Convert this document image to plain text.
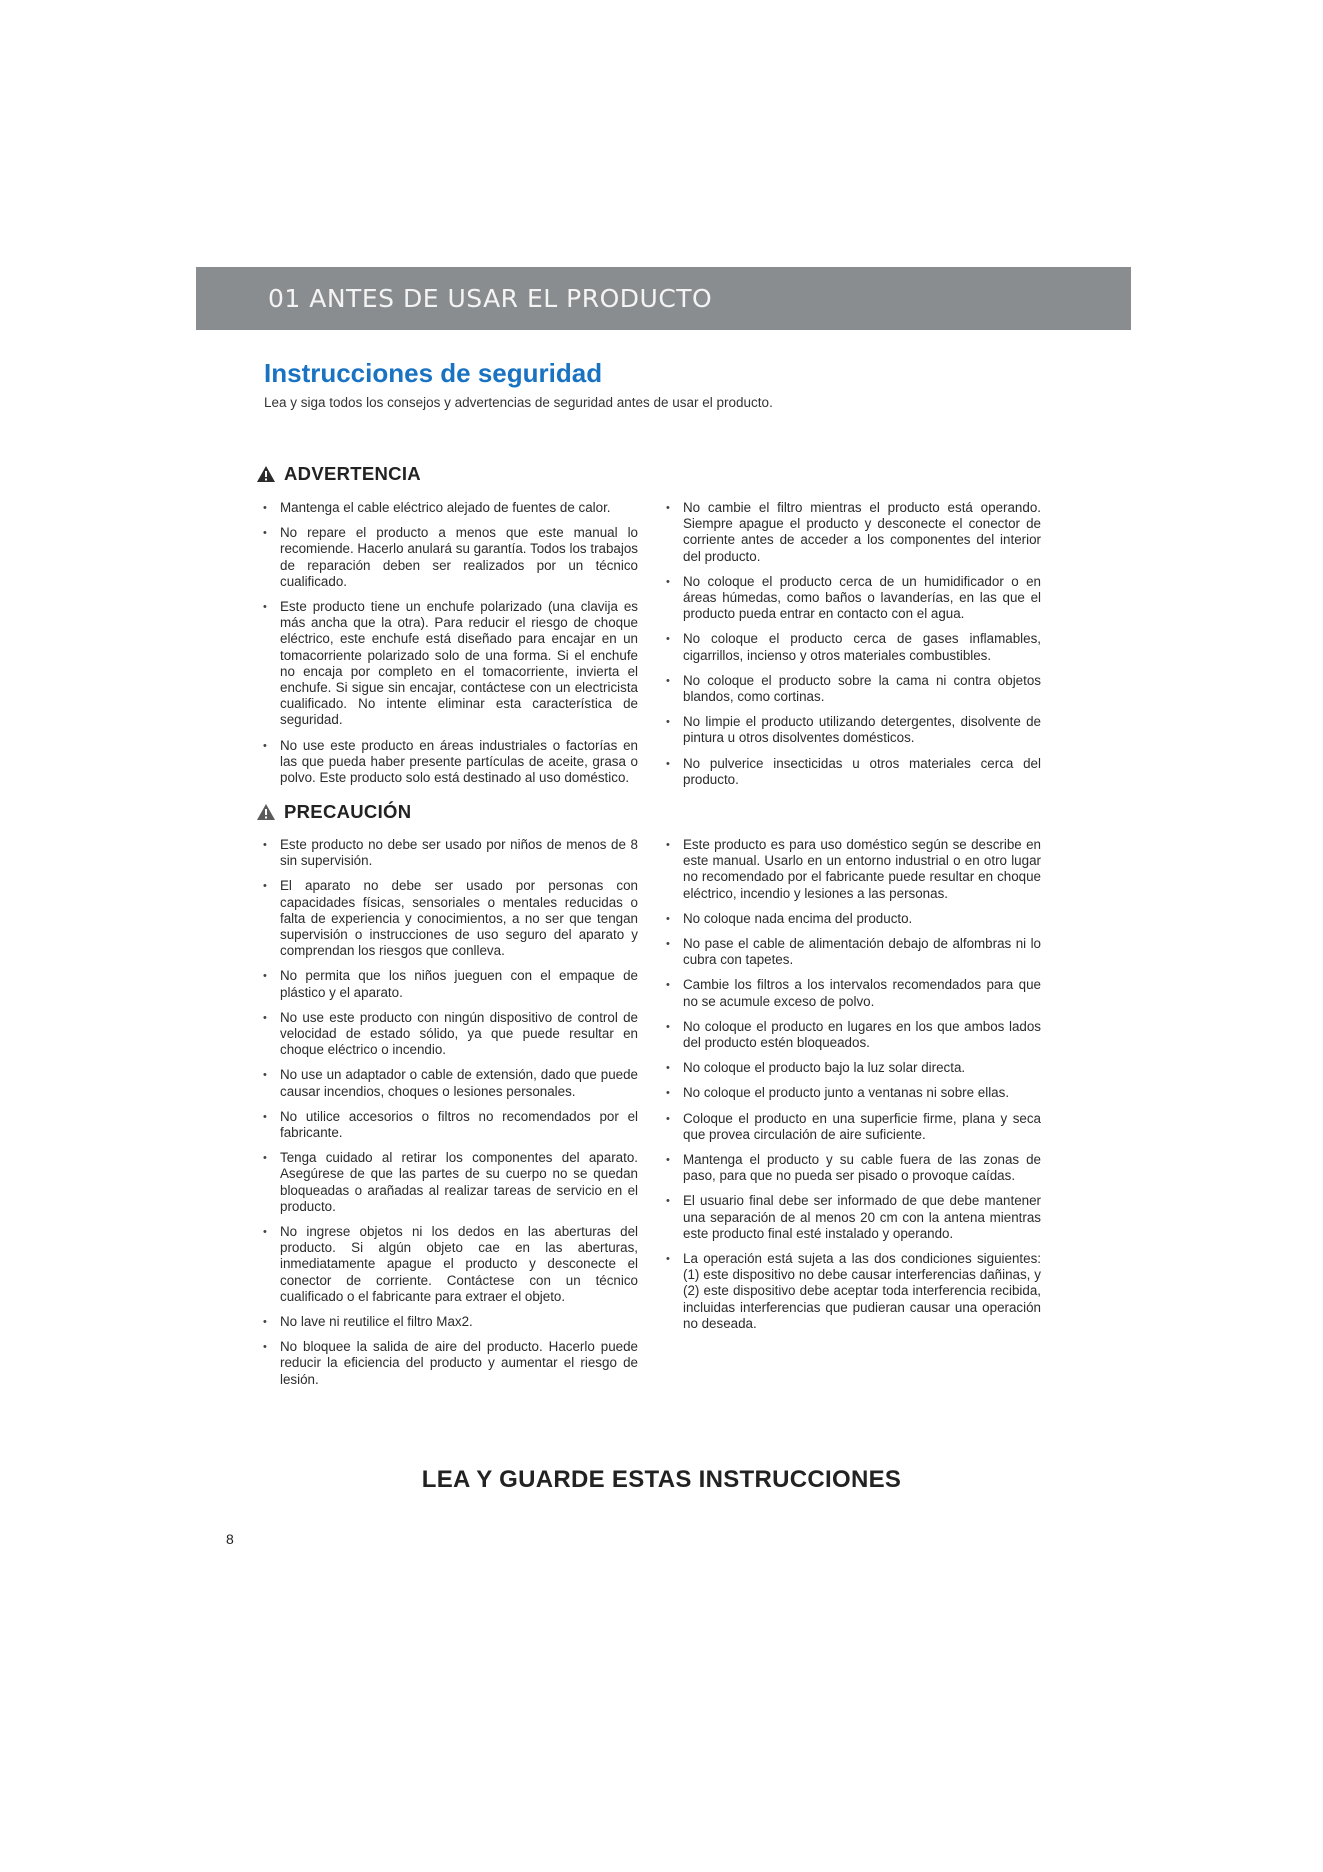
01 ANTES DE USAR EL PRODUCTO
Instrucciones de seguridad
Lea y siga todos los consejos y advertencias de seguridad antes de usar el producto.
ADVERTENCIA
• Mantenga el cable eléctrico alejado de fuentes de calor.
• No repare el producto a menos que este manual lo recomiende. Hacerlo anulará su garantía. Todos los trabajos de reparación deben ser realizados por un técnico cualificado.
• Este producto tiene un enchufe polarizado (una clavija es más ancha que la otra). Para reducir el riesgo de choque eléctrico, este enchufe está diseñado para encajar en un tomacorriente polarizado solo de una forma. Si el enchufe no encaja por completo en el tomacorriente, invierta el enchufe. Si sigue sin encajar, contáctese con un electricista cualificado. No intente eliminar esta característica de seguridad.
• No use este producto en áreas industriales o factorías en las que pueda haber presente partículas de aceite, grasa o polvo. Este producto solo está destinado al uso doméstico.
• No cambie el filtro mientras el producto está operando. Siempre apague el producto y desconecte el conector de corriente antes de acceder a los componentes del interior del producto.
• No coloque el producto cerca de un humidificador o en áreas húmedas, como baños o lavanderías, en las que el producto pueda entrar en contacto con el agua.
• No coloque el producto cerca de gases inflamables, cigarrillos, incienso y otros materiales combustibles.
• No coloque el producto sobre la cama ni contra objetos blandos, como cortinas.
• No limpie el producto utilizando detergentes, disolvente de pintura u otros disolventes domésticos.
• No pulverice insecticidas u otros materiales cerca del producto.
PRECAUCIÓN
• Este producto no debe ser usado por niños de menos de 8 sin supervisión.
• El aparato no debe ser usado por personas con capacidades físicas, sensoriales o mentales reducidas o falta de experiencia y conocimientos, a no ser que tengan supervisión o instrucciones de uso seguro del aparato y comprendan los riesgos que conlleva.
• No permita que los niños jueguen con el empaque de plástico y el aparato.
• No use este producto con ningún dispositivo de control de velocidad de estado sólido, ya que puede resultar en choque eléctrico o incendio.
• No use un adaptador o cable de extensión, dado que puede causar incendios, choques o lesiones personales.
• No utilice accesorios o filtros no recomendados por el fabricante.
• Tenga cuidado al retirar los componentes del aparato. Asegúrese de que las partes de su cuerpo no se quedan bloqueadas o arañadas al realizar tareas de servicio en el producto.
• No ingrese objetos ni los dedos en las aberturas del producto. Si algún objeto cae en las aberturas, inmediatamente apague el producto y desconecte el conector de corriente. Contáctese con un técnico cualificado o el fabricante para extraer el objeto.
• No lave ni reutilice el filtro Max2.
• No bloquee la salida de aire del producto. Hacerlo puede reducir la eficiencia del producto y aumentar el riesgo de lesión.
• Este producto es para uso doméstico según se describe en este manual. Usarlo en un entorno industrial o en otro lugar no recomendado por el fabricante puede resultar en choque eléctrico, incendio y lesiones a las personas.
• No coloque nada encima del producto.
• No pase el cable de alimentación debajo de alfombras ni lo cubra con tapetes.
• Cambie los filtros a los intervalos recomendados para que no se acumule exceso de polvo.
• No coloque el producto en lugares en los que ambos lados del producto estén bloqueados.
• No coloque el producto bajo la luz solar directa.
• No coloque el producto junto a ventanas ni sobre ellas.
• Coloque el producto en una superficie firme, plana y seca que provea circulación de aire suficiente.
• Mantenga el producto y su cable fuera de las zonas de paso, para que no pueda ser pisado o provoque caídas.
• El usuario final debe ser informado de que debe mantener una separación de al menos 20 cm con la antena mientras este producto final esté instalado y operando.
• La operación está sujeta a las dos condiciones siguientes: (1) este dispositivo no debe causar interferencias dañinas, y (2) este dispositivo debe aceptar toda interferencia recibida, incluidas interferencias que pudieran causar una operación no deseada.
LEA Y GUARDE ESTAS INSTRUCCIONES
8
